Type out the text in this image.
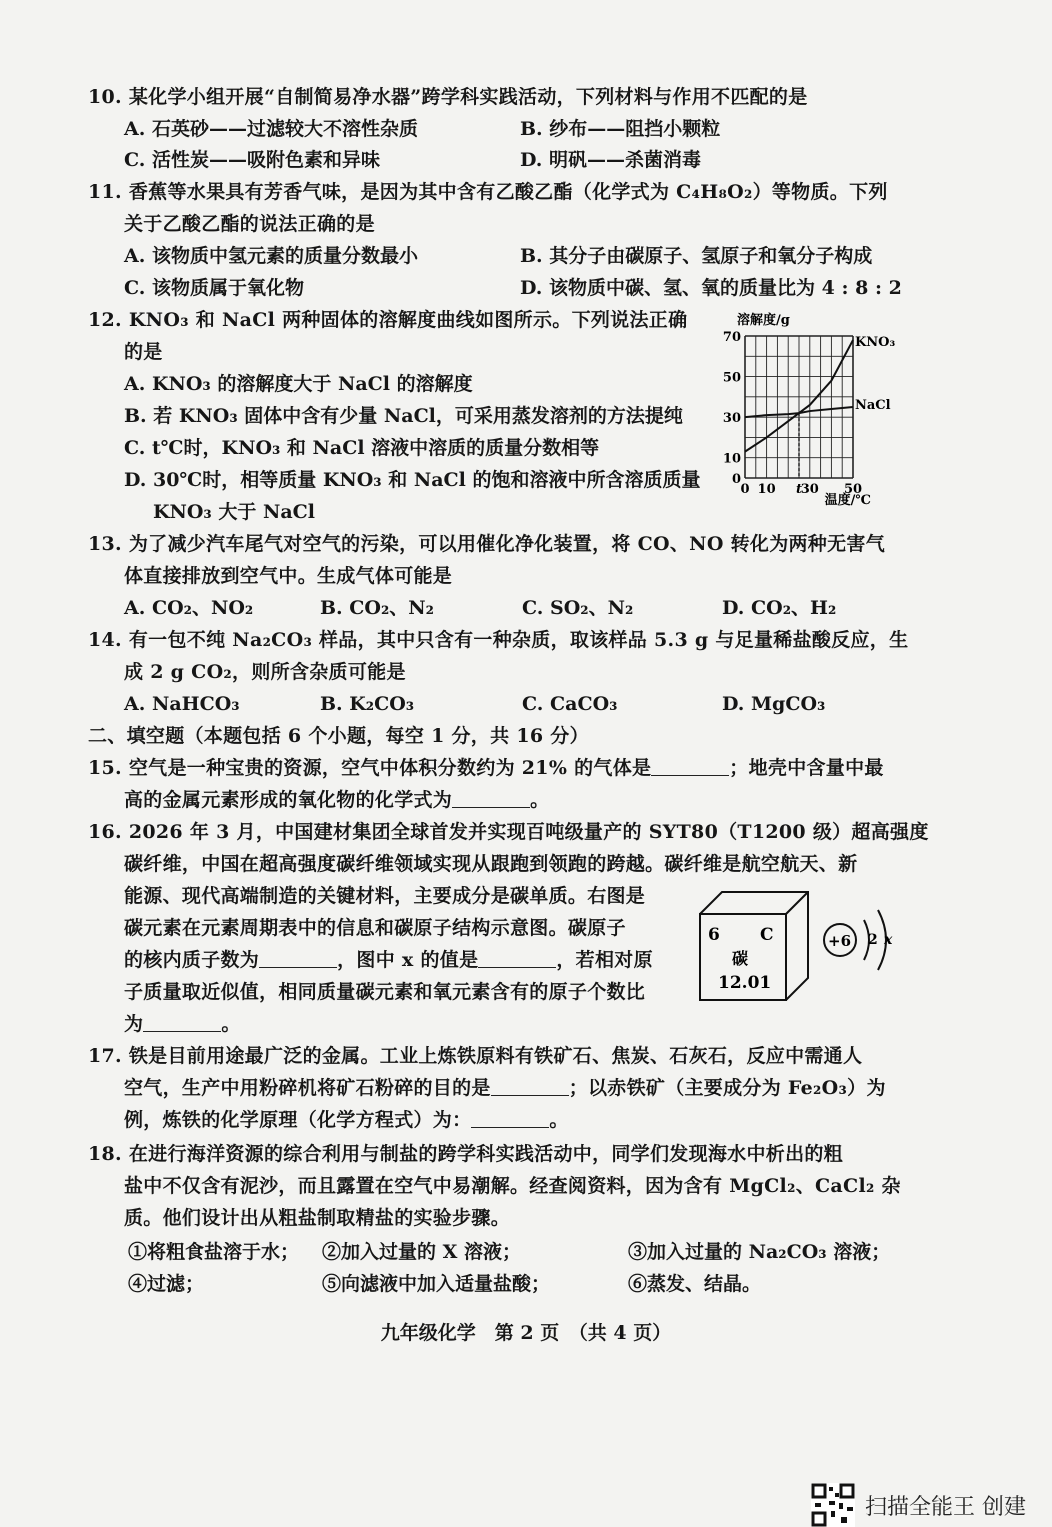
10. 某化学小组开展“自制简易净水器”跨学科实践活动，下列材料与作用不匹配的是
A. 石英砂——过滤较大不溶性杂质	B. 纱布——阻挡小颗粒
C. 活性炭——吸附色素和异味	D. 明矾——杀菌消毒
11. 香蕉等水果具有芳香气味，是因为其中含有乙酸乙酯（化学式为 C₄H₈O₂）等物质。下列
关于乙酸乙酯的说法正确的是
A. 该物质中氢元素的质量分数最小	B. 其分子由碳原子、氢原子和氧分子构成
C. 该物质属于氧化物	D. 该物质中碳、氢、氧的质量比为 4 : 8 : 2
12. KNO₃ 和 NaCl 两种固体的溶解度曲线如图所示。下列说法正确
的是
A. KNO₃ 的溶解度大于 NaCl 的溶解度
B. 若 KNO₃ 固体中含有少量 NaCl，可采用蒸发溶剂的方法提纯
C. t℃时，KNO₃ 和 NaCl 溶液中溶质的质量分数相等
D. 30℃时，相等质量 KNO₃ 和 NaCl 的饱和溶液中所含溶质质量
KNO₃ 大于 NaCl
KNO₃
NaCl
0
10
30
50
70
0 10 t
30 50
溶解度/g
温度/℃
13. 为了减少汽车尾气对空气的污染，可以用催化净化装置，将 CO、NO 转化为两种无害气
体直接排放到空气中。生成气体可能是
A. CO₂、NO₂	B. CO₂、N₂	C. SO₂、N₂	D. CO₂、H₂
14. 有一包不纯 Na₂CO₃ 样品，其中只含有一种杂质，取该样品 5.3 g 与足量稀盐酸反应，生
成 2 g CO₂，则所含杂质可能是
A. NaHCO₃	B. K₂CO₃	C. CaCO₃	D. MgCO₃
二、填空题（本题包括 6 个小题，每空 1 分，共 16 分）
15. 空气是一种宝贵的资源，空气中体积分数约为 21% 的气体是	；地壳中含量中最
高的金属元素形成的氧化物的化学式为	。
16. 2026 年 3 月，中国建材集团全球首发并实现百吨级量产的 SYT80（T1200 级）超高强度
碳纤维，中国在超高强度碳纤维领域实现从跟跑到领跑的跨越。碳纤维是航空航天、新
能源、现代高端制造的关键材料，主要成分是碳单质。右图是
碳元素在元素周期表中的信息和碳原子结构示意图。碳原子
的核内质子数为	，图中 x 的值是	，若相对原
子质量取近似值，相同质量碳元素和氧元素含有的原子个数比
为	。
6 C
碳
12.01
+6 2 x
17. 铁是目前用途最广泛的金属。工业上炼铁原料有铁矿石、焦炭、石灰石，反应中需通人
空气，生产中用粉碎机将矿石粉碎的目的是	；以赤铁矿（主要成分为 Fe₂O₃）为
例，炼铁的化学原理（化学方程式）为：	。
18. 在进行海洋资源的综合利用与制盐的跨学科实践活动中，同学们发现海水中析出的粗
盐中不仅含有泥沙，而且露置在空气中易潮解。经查阅资料，因为含有 MgCl₂、CaCl₂ 杂
质。他们设计出从粗盐制取精盐的实验步骤。
①将粗食盐溶于水； ②加入过量的 X 溶液；	③加入过量的 Na₂CO₃ 溶液；
④过滤；	⑤向滤液中加入适量盐酸；	⑥蒸发、结晶。
九年级化学　第 2 页　（共 4 页）
扫描全能王 创建
